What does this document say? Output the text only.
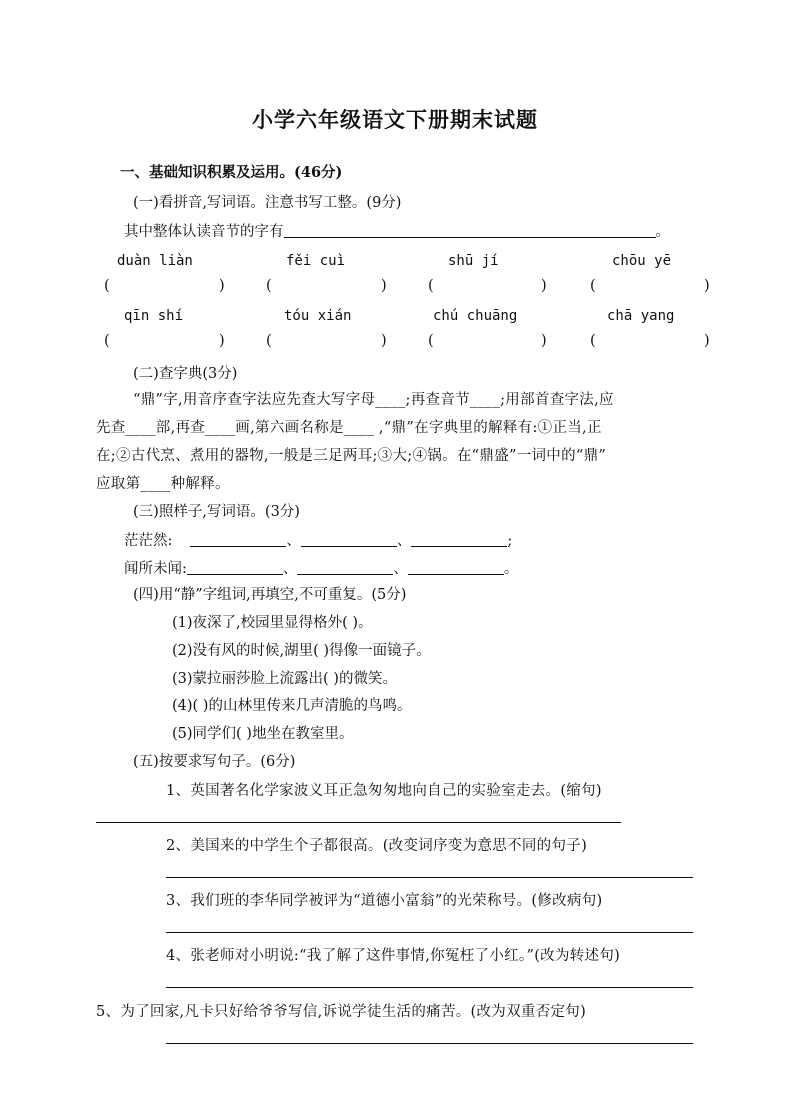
小学六年级语文下册期末试题
一、基础知识积累及运用。(46分)
(一)看拼音,写词语。注意书写工整。(9分)
其中整体认读音节的字有	。
duàn liàn	fěi cuì	shū jí	chōu yē
(	)	(	)	(	)	(	)
qīn shí	tóu xián	chú chuāng	chā yang
(	)	(	)	(	)	(	)
(二)查字典(3分)
“鼎”字,用音序查字法应先查大写字母____;再查音节____;用部首查字法,应
先查____部,再查____画,第六画名称是____ ,“鼎”在字典里的解释有:①正当,正
在;②古代烹、煮用的器物,一般是三足两耳;③大;④锅。在“鼎盛”一词中的“鼎”
应取第____种解释。
(三)照样子,写词语。(3分)
茫茫然:	、	、	;
闻所未闻:	、	、	。
(四)用“静”字组词,再填空,不可重复。(5分)
(1)夜深了,校园里显得格外( )。
(2)没有风的时候,湖里( )得像一面镜子。
(3)蒙拉丽莎脸上流露出( )的微笑。
(4)( )的山林里传来几声清脆的鸟鸣。
(5)同学们( )地坐在教室里。
(五)按要求写句子。(6分)
1、英国著名化学家波义耳正急匆匆地向自己的实验室走去。(缩句)
2、美国来的中学生个子都很高。(改变词序变为意思不同的句子)
3、我们班的李华同学被评为“道德小富翁”的光荣称号。(修改病句)
4、张老师对小明说:“我了解了这件事情,你冤枉了小红。”(改为转述句)
5、为了回家,凡卡只好给爷爷写信,诉说学徒生活的痛苦。(改为双重否定句)
